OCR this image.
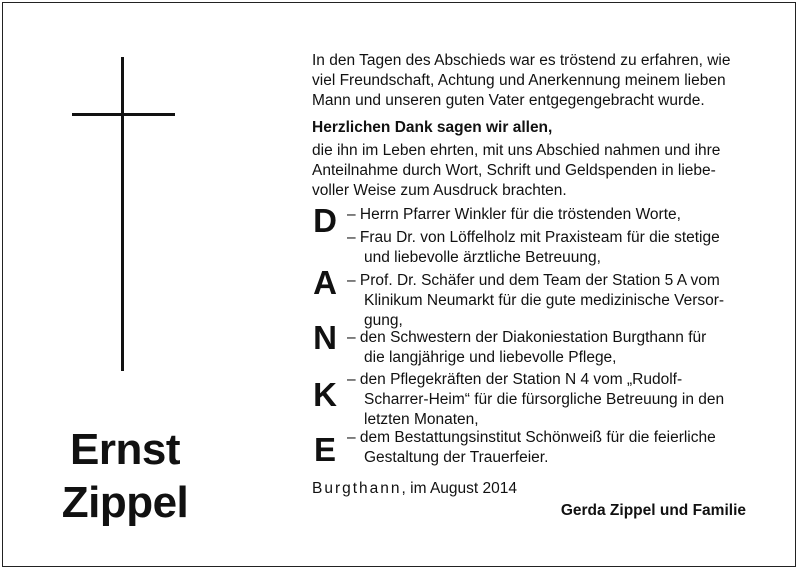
Ernst
Zippel
In den Tagen des Abschieds war es tröstend zu erfahren, wie
viel Freundschaft, Achtung und Anerkennung meinem lieben
Mann und unseren guten Vater entgegengebracht wurde.
Herzlichen Dank sagen wir allen,
die ihn im Leben ehrten, mit uns Abschied nahmen und ihre
Anteilnahme durch Wort, Schrift und Geldspenden in liebe-
voller Weise zum Ausdruck brachten.
D
A
N
K
E
– Herrn Pfarrer Winkler für die tröstenden Worte,
– Frau Dr. von Löffelholz mit Praxisteam für die stetige
und liebevolle ärztliche Betreuung,
– Prof. Dr. Schäfer und dem Team der Station 5 A vom
Klinikum Neumarkt für die gute medizinische Versor-
gung,
– den Schwestern der Diakoniestation Burgthann für
die langjährige und liebevolle Pflege,
– den Pflegekräften der Station N 4 vom „Rudolf-
Scharrer-Heim“ für die fürsorgliche Betreuung in den
letzten Monaten,
– dem Bestattungsinstitut Schönweiß für die feierliche
Gestaltung der Trauerfeier.
Burgthann, im August 2014
Gerda Zippel und Familie
